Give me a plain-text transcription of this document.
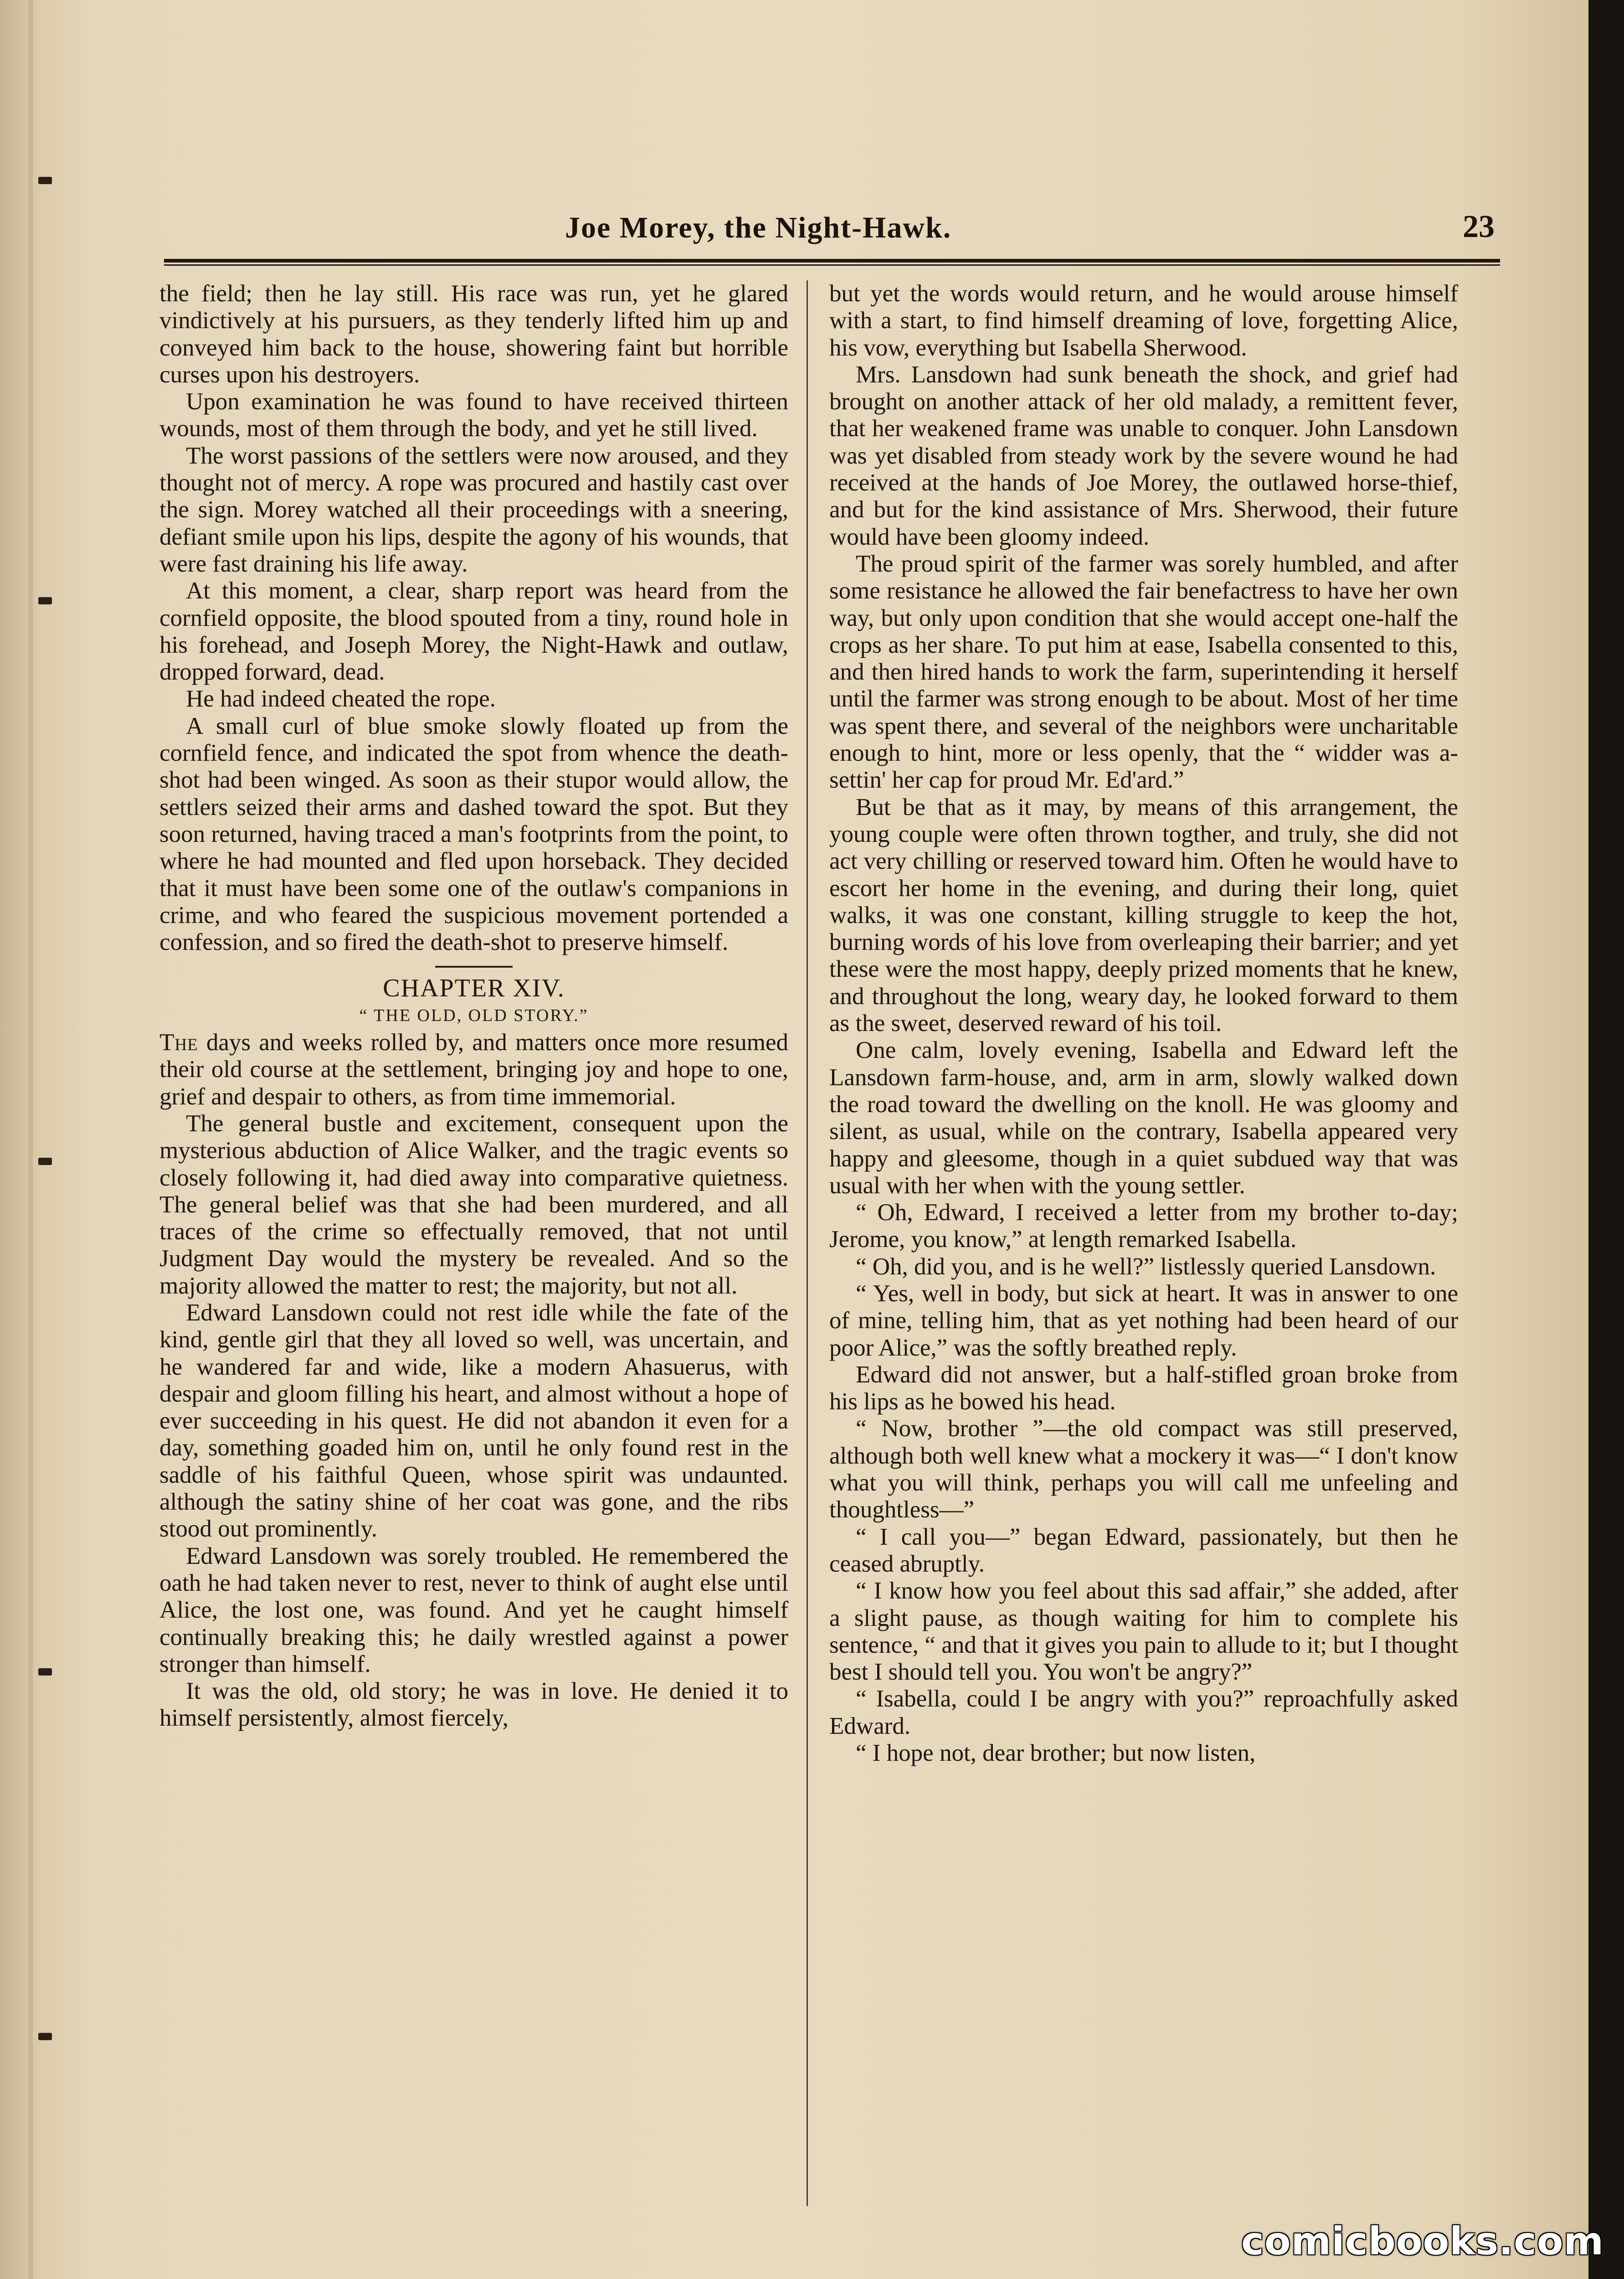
Joe Morey, the Night-Hawk.	23

the field; then he lay still. His race was run, yet he glared vindictively at his pursuers, as they tenderly lifted him up and conveyed him back to the house, showering faint but horrible curses upon his destroyers.

Upon examination he was found to have received thirteen wounds, most of them through the body, and yet he still lived.

The worst passions of the settlers were now aroused, and they thought not of mercy. A rope was procured and hastily cast over the sign. Morey watched all their proceedings with a sneering, defiant smile upon his lips, despite the agony of his wounds, that were fast draining his life away.

At this moment, a clear, sharp report was heard from the cornfield opposite, the blood spouted from a tiny, round hole in his forehead, and Joseph Morey, the Night-Hawk and outlaw, dropped forward, dead.

He had indeed cheated the rope.

A small curl of blue smoke slowly floated up from the cornfield fence, and indicated the spot from whence the death-shot had been winged. As soon as their stupor would allow, the settlers seized their arms and dashed toward the spot. But they soon returned, having traced a man's footprints from the point, to where he had mounted and fled upon horseback. They decided that it must have been some one of the outlaw's companions in crime, and who feared the suspicious movement portended a confession, and so fired the death-shot to preserve himself.

CHAPTER XIV.

“ THE OLD, OLD STORY.”

The days and weeks rolled by, and matters once more resumed their old course at the settlement, bringing joy and hope to one, grief and despair to others, as from time immemorial.

The general bustle and excitement, consequent upon the mysterious abduction of Alice Walker, and the tragic events so closely following it, had died away into comparative quietness. The general belief was that she had been murdered, and all traces of the crime so effectually removed, that not until Judgment Day would the mystery be revealed. And so the majority allowed the matter to rest; the majority, but not all.

Edward Lansdown could not rest idle while the fate of the kind, gentle girl that they all loved so well, was uncertain, and he wandered far and wide, like a modern Ahasuerus, with despair and gloom filling his heart, and almost without a hope of ever succeeding in his quest. He did not abandon it even for a day, something goaded him on, until he only found rest in the saddle of his faithful Queen, whose spirit was undaunted. although the satiny shine of her coat was gone, and the ribs stood out prominently.

Edward Lansdown was sorely troubled. He remembered the oath he had taken never to rest, never to think of aught else until Alice, the lost one, was found. And yet he caught himself continually breaking this; he daily wrestled against a power stronger than himself.

It was the old, old story; he was in love. He denied it to himself persistently, almost fiercely,

but yet the words would return, and he would arouse himself with a start, to find himself dreaming of love, forgetting Alice, his vow, everything but Isabella Sherwood.

Mrs. Lansdown had sunk beneath the shock, and grief had brought on another attack of her old malady, a remittent fever, that her weakened frame was unable to conquer. John Lansdown was yet disabled from steady work by the severe wound he had received at the hands of Joe Morey, the outlawed horse-thief, and but for the kind assistance of Mrs. Sherwood, their future would have been gloomy indeed.

The proud spirit of the farmer was sorely humbled, and after some resistance he allowed the fair benefactress to have her own way, but only upon condition that she would accept one-half the crops as her share. To put him at ease, Isabella consented to this, and then hired hands to work the farm, superintending it herself until the farmer was strong enough to be about. Most of her time was spent there, and several of the neighbors were uncharitable enough to hint, more or less openly, that the “ widder was a-settin' her cap for proud Mr. Ed'ard.”

But be that as it may, by means of this arrangement, the young couple were often thrown togther, and truly, she did not act very chilling or reserved toward him. Often he would have to escort her home in the evening, and during their long, quiet walks, it was one constant, killing struggle to keep the hot, burning words of his love from overleaping their barrier; and yet these were the most happy, deeply prized moments that he knew, and throughout the long, weary day, he looked forward to them as the sweet, deserved reward of his toil.

One calm, lovely evening, Isabella and Edward left the Lansdown farm-house, and, arm in arm, slowly walked down the road toward the dwelling on the knoll. He was gloomy and silent, as usual, while on the contrary, Isabella appeared very happy and gleesome, though in a quiet subdued way that was usual with her when with the young settler.

“ Oh, Edward, I received a letter from my brother to-day; Jerome, you know,” at length remarked Isabella.

“ Oh, did you, and is he well?” listlessly queried Lansdown.

“ Yes, well in body, but sick at heart. It was in answer to one of mine, telling him, that as yet nothing had been heard of our poor Alice,” was the softly breathed reply.

Edward did not answer, but a half-stifled groan broke from his lips as he bowed his head.

“ Now, brother ”—the old compact was still preserved, although both well knew what a mockery it was—“ I don't know what you will think, perhaps you will call me unfeeling and thoughtless—”

“ I call you—” began Edward, passionately, but then he ceased abruptly.

“ I know how you feel about this sad affair,” she added, after a slight pause, as though waiting for him to complete his sentence, “ and that it gives you pain to allude to it; but I thought best I should tell you. You won't be angry?”

“ Isabella, could I be angry with you?” reproachfully asked Edward.

“ I hope not, dear brother; but now listen,

comicbooks.com
